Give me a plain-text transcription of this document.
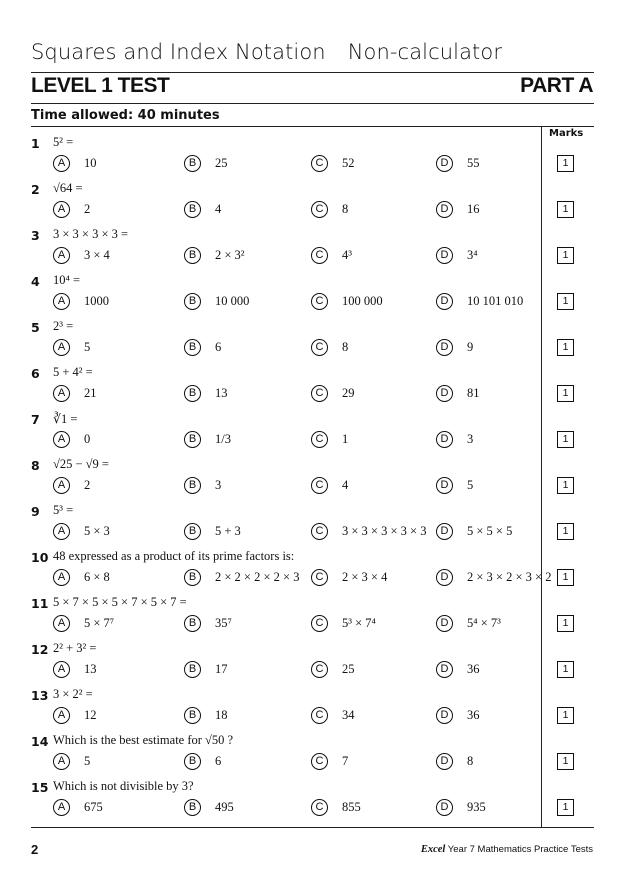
Squares and Index Notation Non-calculator
LEVEL 1 TEST	PART A
Time allowed: 40 minutes
Marks
1 5² =
A	10	B	25	C	52	D	55	1
2 √64 =
A	2	B	4	C	8	D	16	1
3 3 × 3 × 3 × 3 =
A	3 × 4	B	2 × 3²	C	4³	D	3⁴	1
4 10⁴ =
A	1000	B	10 000	C	100 000	D	10 101 010	1
5 2³ =
A	5	B	6	C	8	D	9	1
6 5 + 4² =
A	21	B	13	C	29	D	81	1
7 ∛1 =
A	0	B	1/3	C	1	D	3	1
8 √25 − √9 =
A	2	B	3	C	4	D	5	1
9 5³ =
A	5 × 3	B	5 + 3	C	3 × 3 × 3 × 3 × 3	D	5 × 5 × 5	1
10 48 expressed as a product of its prime factors is:
A	6 × 8	B	2 × 2 × 2 × 2 × 3	C	2 × 3 × 4	D	2 × 3 × 2 × 3 × 2	1
11 5 × 7 × 5 × 5 × 7 × 5 × 7 =
A	5 × 7⁷	B	35⁷	C	5³ × 7⁴	D	5⁴ × 7³	1
12 2² + 3² =
A	13	B	17	C	25	D	36	1
13 3 × 2² =
A	12	B	18	C	34	D	36	1
14 Which is the best estimate for √50 ?
A	5	B	6	C	7	D	8	1
15 Which is not divisible by 3?
A	675	B	495	C	855	D	935	1
2	Excel Year 7 Mathematics Practice Tests
